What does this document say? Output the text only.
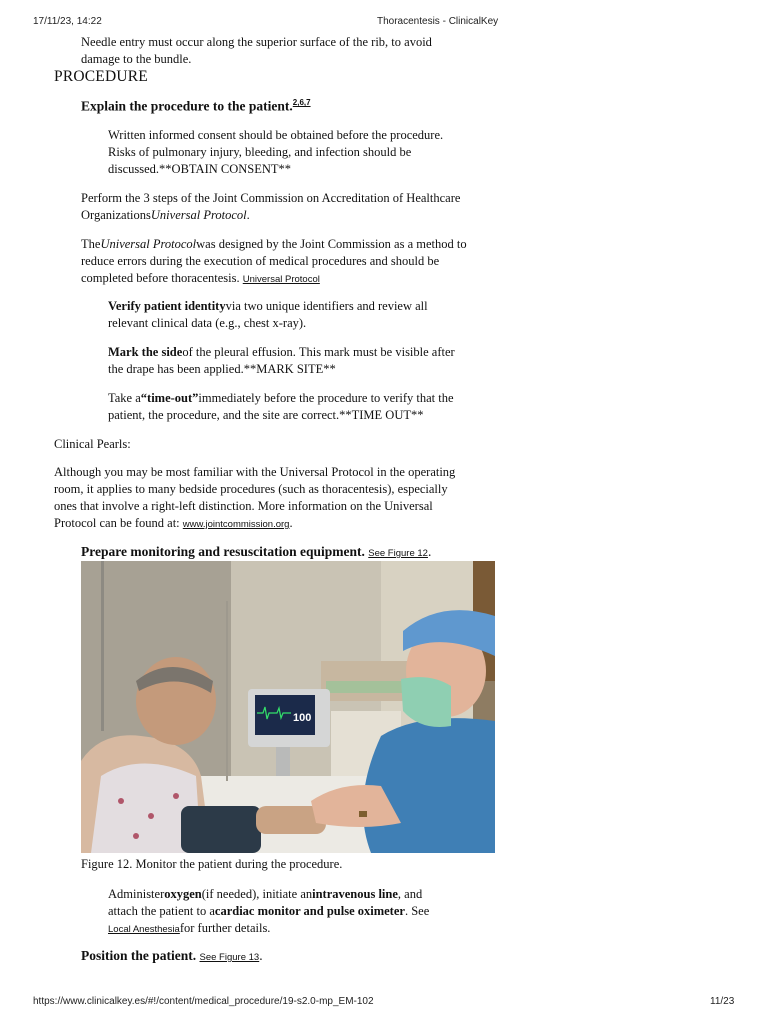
17/11/23, 14:22	Thoracentesis - ClinicalKey

Needle entry must occur along the superior surface of the rib, to avoid
damage to the bundle.

PROCEDURE

Explain the procedure to the patient.$^{2,6,7}$

Written informed consent should be obtained before the procedure.
Risks of pulmonary injury, bleeding, and infection should be
discussed.**OBTAIN CONSENT**

Perform the 3 steps of the Joint Commission on Accreditation of Healthcare
OrganizationsUniversal Protocol.

TheUniversal Protocolwas designed by the Joint Commission as a method to
reduce errors during the execution of medical procedures and should be
completed before thoracentesis. Universal Protocol

Verify patient identityvia two unique identifiers and review all
relevant clinical data (e.g., chest x-ray).

Mark the sideof the pleural effusion. This mark must be visible after
the drape has been applied.**MARK SITE**

Take a“time-out”immediately before the procedure to verify that the
patient, the procedure, and the site are correct.**TIME OUT**

Clinical Pearls:

Although you may be most familiar with the Universal Protocol in the operating
room, it applies to many bedside procedures (such as thoracentesis), especially
ones that involve a right-left distinction. More information on the Universal
Protocol can be found at: www.jointcommission.org.

Prepare monitoring and resuscitation equipment. See Figure 12.

100

Figure 12. Monitor the patient during the procedure.

Administeroxygen(if needed), initiate anintravenous line, and
attach the patient to acardiac monitor and pulse oximeter. See
Local Anesthesiafor further details.

Position the patient. See Figure 13.

https://www.clinicalkey.es/#!/content/medical_procedure/19-s2.0-mp_EM-102	11/23
